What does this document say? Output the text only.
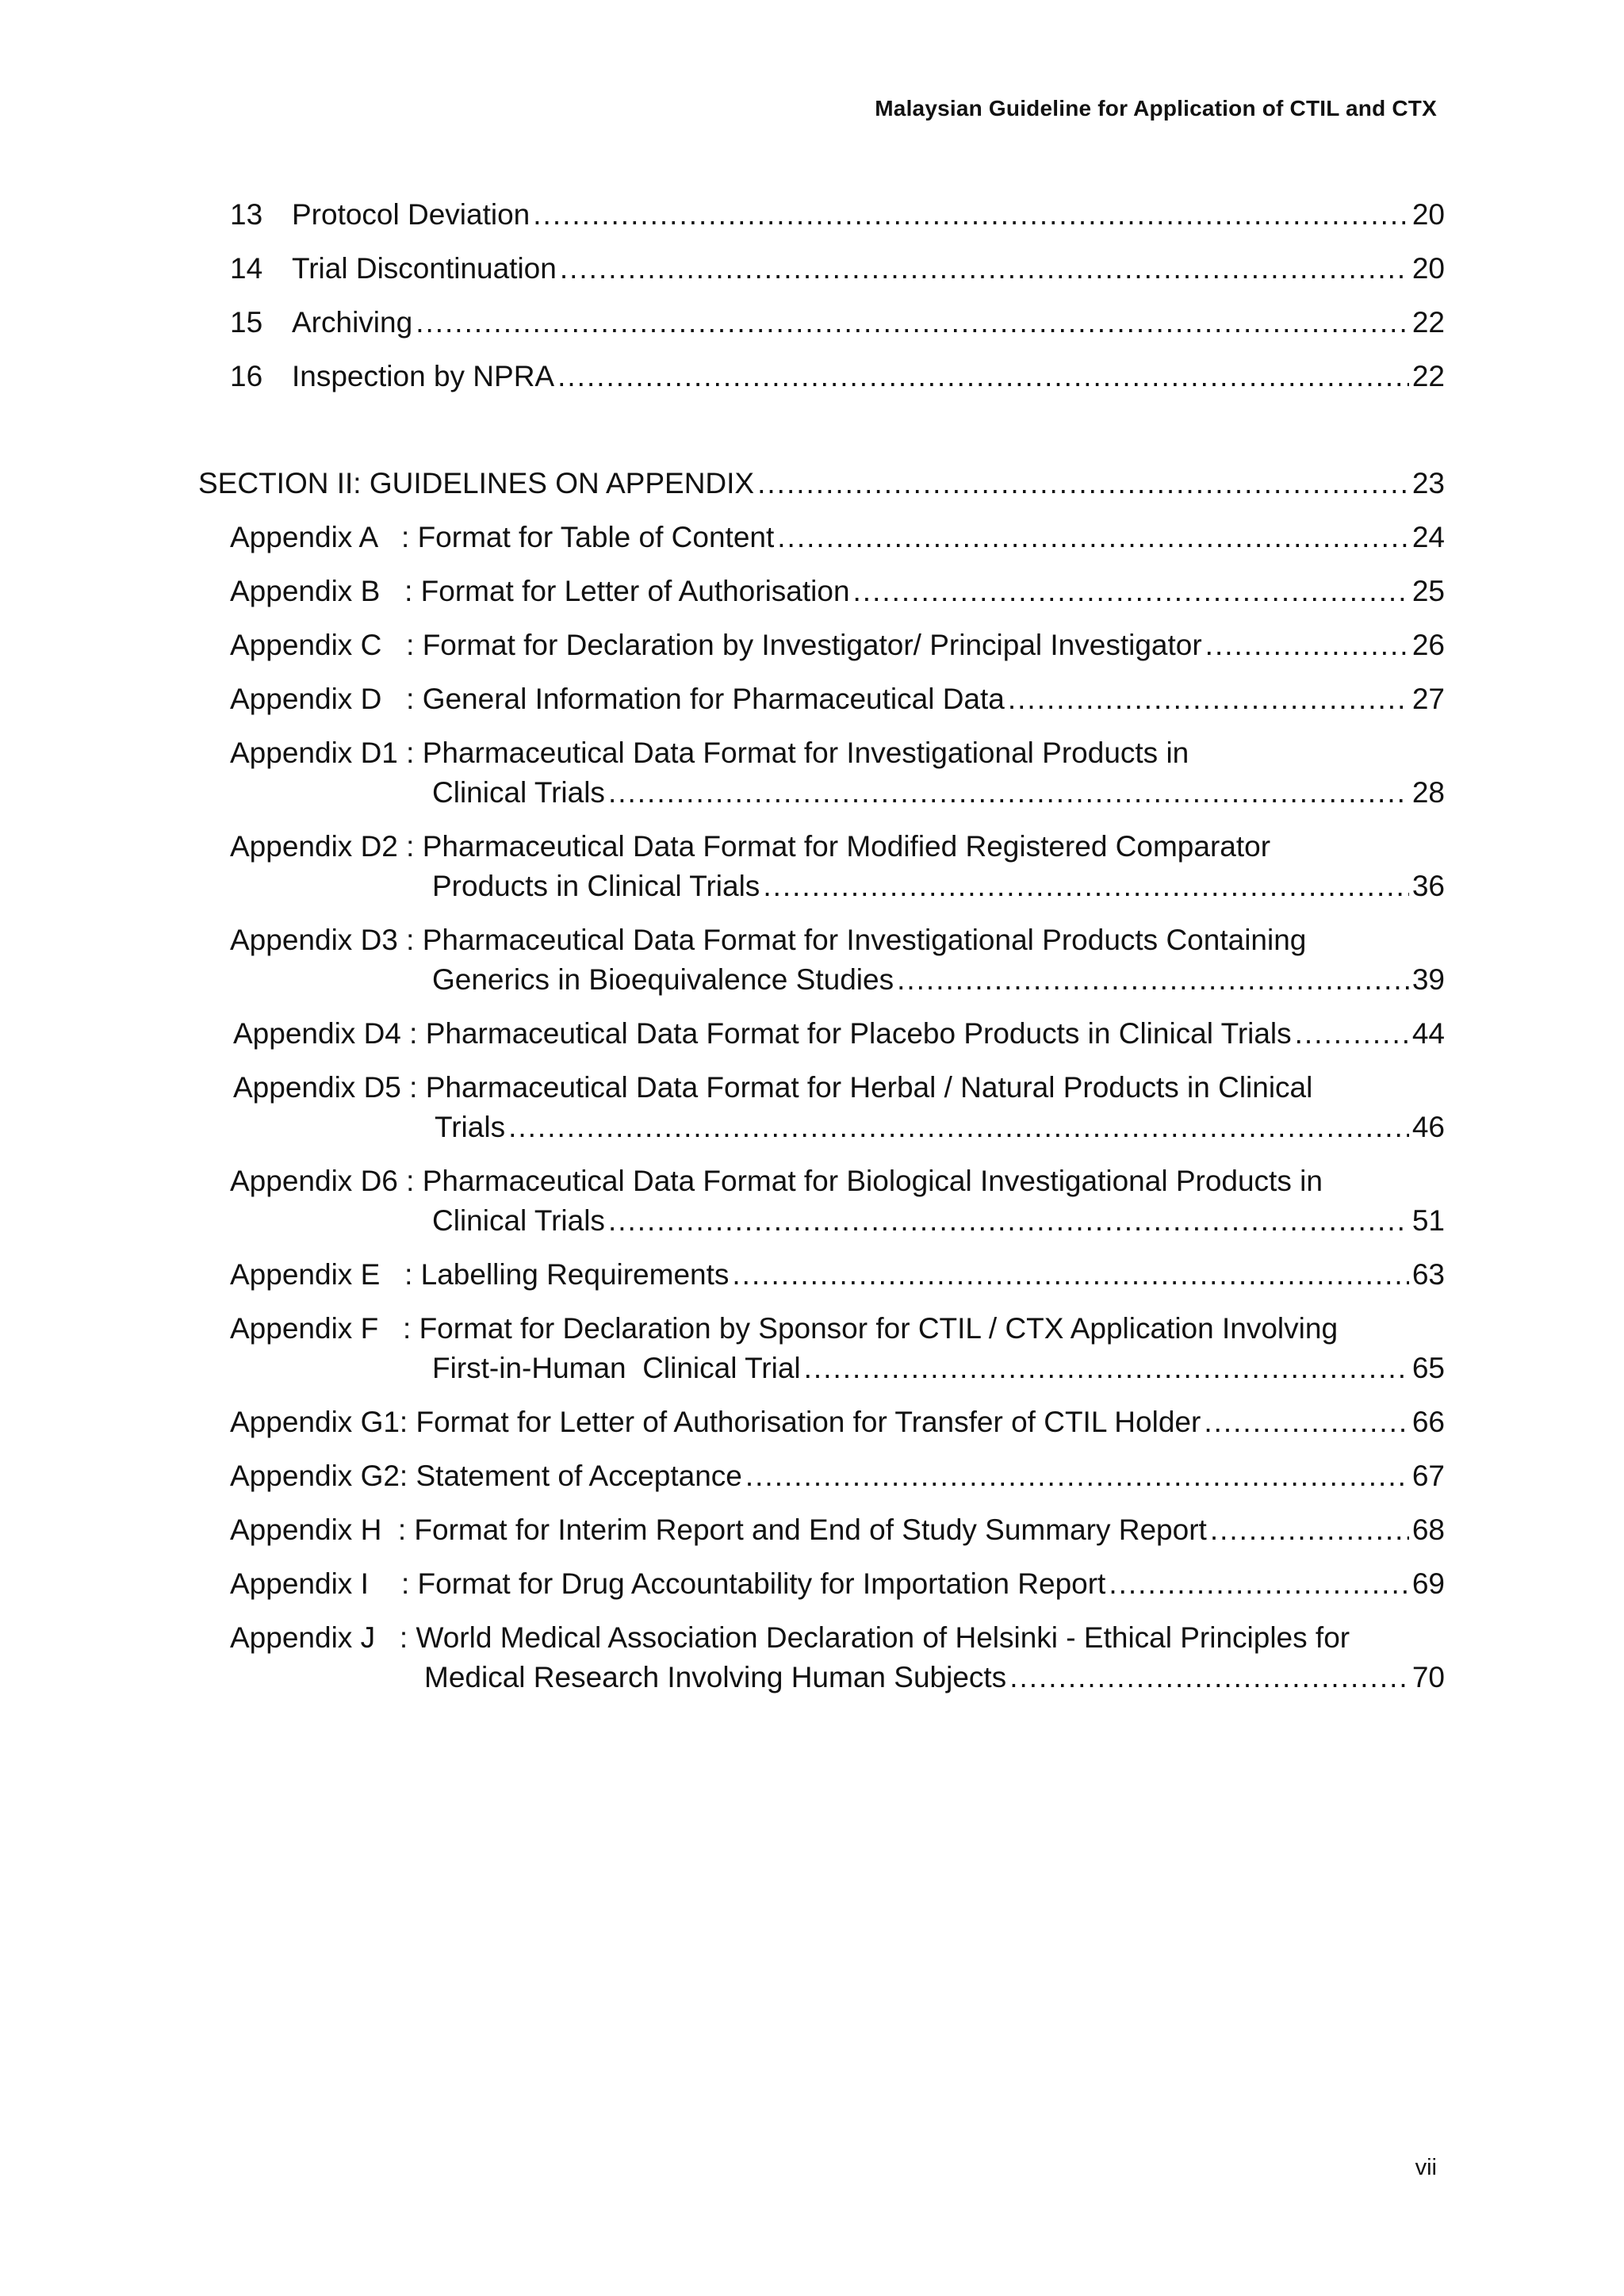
Malaysian Guideline for Application of CTIL and CTX
13 Protocol Deviation .....	20
14 Trial Discontinuation .....	20
15 Archiving .....	22
16 Inspection by NPRA .....	22
SECTION II: GUIDELINES ON APPENDIX .....	23
Appendix A   : Format for Table of Content .....	24
Appendix B   : Format for Letter of Authorisation .....	25
Appendix C   : Format for Declaration by Investigator/ Principal Investigator .....	26
Appendix D   : General Information for Pharmaceutical Data .....	27
Appendix D1 : Pharmaceutical Data Format for Investigational Products in
Clinical Trials .....	28
Appendix D2 : Pharmaceutical Data Format for Modified Registered Comparator
Products in Clinical Trials .....	36
Appendix D3 : Pharmaceutical Data Format for Investigational Products Containing
Generics in Bioequivalence Studies .....	39
Appendix D4 : Pharmaceutical Data Format for Placebo Products in Clinical Trials .....	44
Appendix D5 : Pharmaceutical Data Format for Herbal / Natural Products in Clinical
Trials .....	46
Appendix D6 : Pharmaceutical Data Format for Biological Investigational Products in
Clinical Trials .....	51
Appendix E   : Labelling Requirements .....	63
Appendix F   : Format for Declaration by Sponsor for CTIL / CTX Application Involving
First-in-Human  Clinical Trial .....	65
Appendix G1: Format for Letter of Authorisation for Transfer of CTIL Holder .....	66
Appendix G2: Statement of Acceptance .....	67
Appendix H  : Format for Interim Report and End of Study Summary Report .....	68
Appendix I    : Format for Drug Accountability for Importation Report .....	69
Appendix J   : World Medical Association Declaration of Helsinki - Ethical Principles for
Medical Research Involving Human Subjects .....	70
vii
